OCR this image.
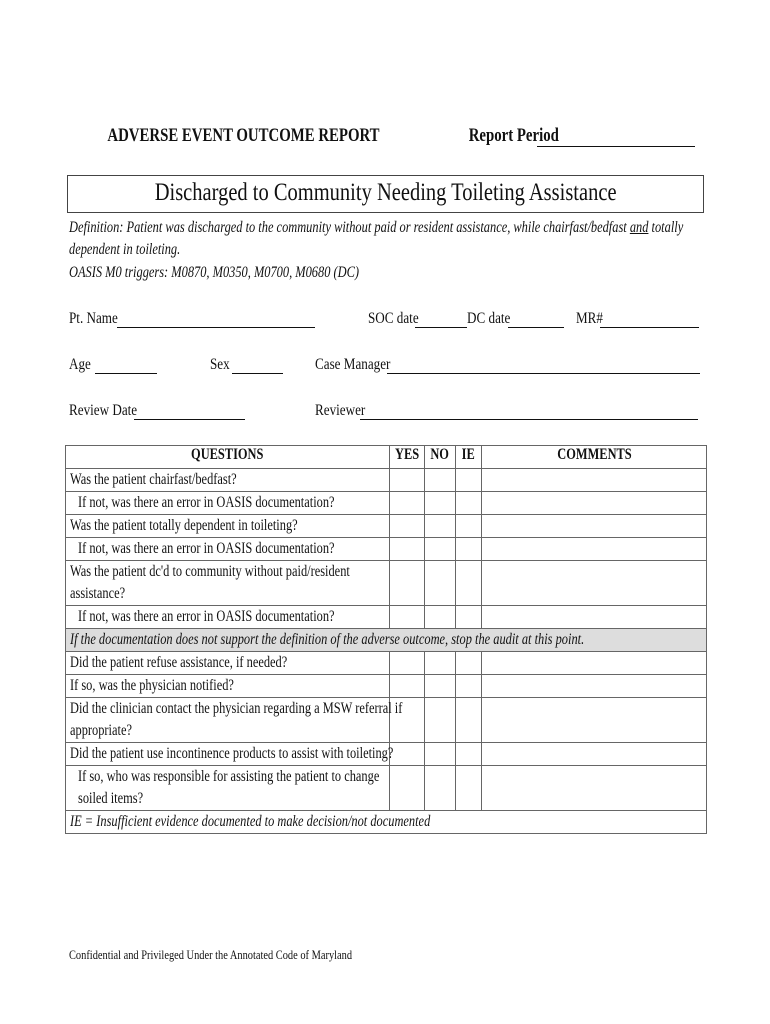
ADVERSE EVENT OUTCOME REPORT	Report Period
Discharged to Community Needing Toileting Assistance
Definition: Patient was discharged to the community without paid or resident assistance, while chairfast/bedfast and totally
dependent in toileting.
OASIS M0 triggers: M0870, M0350, M0700, M0680 (DC)
Pt. Name	SOC date	DC date	MR#
Age	Sex	Case Manager
Review Date	Reviewer
QUESTIONS	YES	NO	IE	COMMENTS

Was the patient chairfast/bedfast?				

If not, was there an error in OASIS documentation?				

Was the patient totally dependent in toileting?				

If not, was there an error in OASIS documentation?				

Was the patient dc'd to community without paid/resident
assistance?				

If not, was there an error in OASIS documentation?				

If the documentation does not support the definition of the adverse outcome, stop the audit at this point.				

Did the patient refuse assistance, if needed?				

If so, was the physician notified?				

Did the clinician contact the physician regarding a MSW referral if
appropriate?				

Did the patient use incontinence products to assist with toileting?				

If so, who was responsible for assisting the patient to change
soiled items?				

IE = Insufficient evidence documented to make decision/not documented				
Confidential and Privileged Under the Annotated Code of Maryland
